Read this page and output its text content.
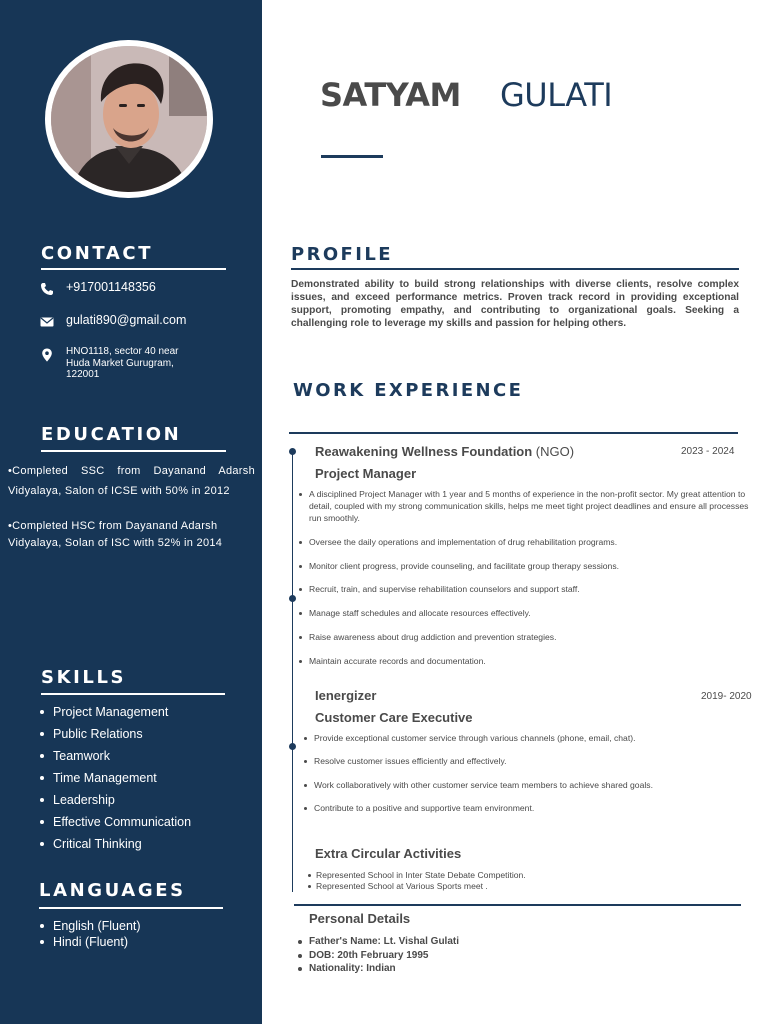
CONTACT
+917001148356
gulati890@gmail.com
HNO1118, sector 40 near Huda Market Gurugram, 122001
EDUCATION
•Completed SSC from Dayanand Adarsh Vidyalaya, Salon of ICSE with 50% in 2012
•Completed HSC from Dayanand Adarsh Vidyalaya, Solan of ISC with 52% in 2014
SKILLS
Project Management
Public Relations
Teamwork
Time Management
Leadership
Effective Communication
Critical Thinking
LANGUAGES
English (Fluent)
Hindi (Fluent)
SATYAM GULATI
PROFILE
Demonstrated ability to build strong relationships with diverse clients, resolve complex issues, and exceed performance metrics. Proven track record in providing exceptional support, promoting empathy, and contributing to organizational goals. Seeking a challenging role to leverage my skills and passion for helping others.
WORK EXPERIENCE
Reawakening Wellness Foundation (NGO)	2023 - 2024
Project Manager
A disciplined Project Manager with 1 year and 5 months of experience in the non-profit sector. My great attention to detail, coupled with my strong communication skills, helps me meet tight project deadlines and ensure all processes run smoothly.
Oversee the daily operations and implementation of drug rehabilitation programs.
Monitor client progress, provide counseling, and facilitate group therapy sessions.
Recruit, train, and supervise rehabilitation counselors and support staff.
Manage staff schedules and allocate resources effectively.
Raise awareness about drug addiction and prevention strategies.
Maintain accurate records and documentation.
Ienergizer	2019- 2020
Customer Care Executive
Provide exceptional customer service through various channels (phone, email, chat).
Resolve customer issues efficiently and effectively.
Work collaboratively with other customer service team members to achieve shared goals.
Contribute to a positive and supportive team environment.
Extra Circular Activities
Represented School in Inter State Debate Competition.
Represented School at Various Sports meet .
Personal Details
Father's Name: Lt. Vishal Gulati
DOB: 20th February 1995
Nationality: Indian
